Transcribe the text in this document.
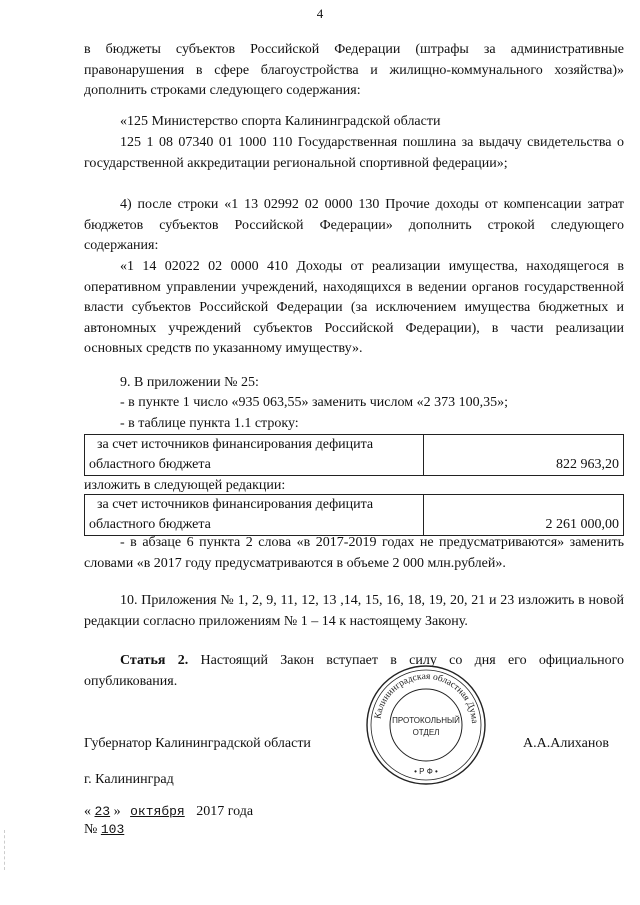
4
в бюджеты субъектов Российской Федерации (штрафы за административные правонарушения в сфере благоустройства и жилищно-коммунального хозяйства)» дополнить строками следующего содержания:
«125 Министерство спорта Калининградской области
125 1 08 07340 01 1000 110 Государственная пошлина за выдачу свидетельства о государственной аккредитации региональной спортивной федерации»;
4) после строки «1 13 02992 02 0000 130 Прочие доходы от компенсации затрат бюджетов субъектов Российской Федерации» дополнить строкой следующего содержания:
«1 14 02022 02 0000 410 Доходы от реализации имущества, находящегося в оперативном управлении учреждений, находящихся в ведении органов государственной власти субъектов Российской Федерации (за исключением имущества бюджетных и автономных учреждений субъектов Российской Федерации), в части реализации основных средств по указанному имуществу».
9. В приложении № 25:
- в пункте 1 число «935 063,55» заменить числом «2 373 100,35»;
- в таблице пункта 1.1 строку:
за счет источников финансирования дефицита
областного бюджета	822 963,20
изложить в следующей редакции:
за счет источников финансирования дефицита
областного бюджета	2 261 000,00
- в абзаце 6 пункта 2 слова «в 2017-2019 годах не предусматриваются» заменить словами «в 2017 году предусматриваются в объеме 2 000 млн.рублей».
10. Приложения № 1, 2, 9, 11, 12, 13 ,14, 15, 16, 18, 19, 20, 21 и 23 изложить в новой редакции согласно приложениям № 1 – 14 к настоящему Закону.
Статья 2. Настоящий Закон вступает в силу со дня его официального опубликования.
Губернатор Калининградской области	А.А.Алиханов
г. Калининград
« 23 » октября 2017 года
№ 103
Калининградская областная Дума
ПРОТОКОЛЬНЫЙ
ОТДЕЛ
• Р Ф •
